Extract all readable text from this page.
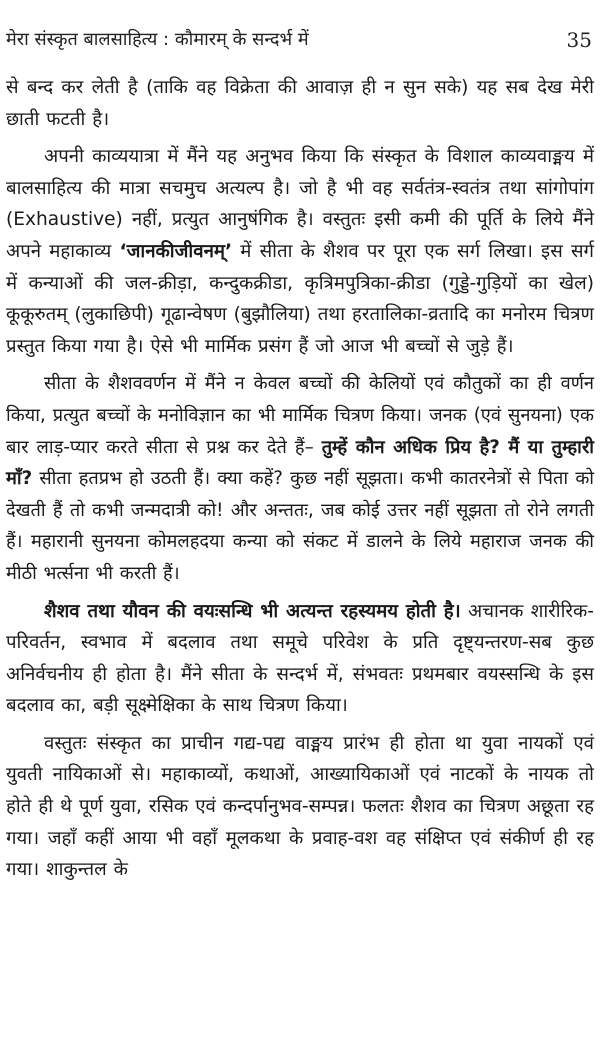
मेरा संस्कृत बालसाहित्य : कौमारम् के सन्दर्भ में	35

से बन्द कर लेती है (ताकि वह विक्रेता की आवाज़ ही न सुन सके) यह सब देख मेरी छाती फटती है।

अपनी काव्ययात्रा में मैंने यह अनुभव किया कि संस्कृत के विशाल काव्यवाङ्मय में बालसाहित्य की मात्रा सचमुच अत्यल्प है। जो है भी वह सर्वतंत्र-स्वतंत्र तथा सांगोपांग (Exhaustive) नहीं, प्रत्युत आनुषंगिक है। वस्तुतः इसी कमी की पूर्ति के लिये मैंने अपने महाकाव्य ‘जानकीजीवनम्’ में सीता के शैशव पर पूरा एक सर्ग लिखा। इस सर्ग में कन्याओं की जल-क्रीड़ा, कन्दुकक्रीडा, कृत्रिमपुत्रिका-क्रीडा (गुड्डे-गुड़ियों का खेल) कूकूरुतम् (लुकाछिपी) गूढान्वेषण (बुझौलिया) तथा हरतालिका-व्रतादि का मनोरम चित्रण प्रस्तुत किया गया है। ऐसे भी मार्मिक प्रसंग हैं जो आज भी बच्चों से जुड़े हैं।

सीता के शैशववर्णन में मैंने न केवल बच्चों की केलियों एवं कौतुकों का ही वर्णन किया, प्रत्युत बच्चों के मनोविज्ञान का भी मार्मिक चित्रण किया। जनक (एवं सुनयना) एक बार लाड़-प्यार करते सीता से प्रश्न कर देते हैं– तुम्हें कौन अधिक प्रिय है? मैं या तुम्हारी माँ? सीता हतप्रभ हो उठती हैं। क्या कहें? कुछ नहीं सूझता। कभी कातरनेत्रों से पिता को देखती हैं तो कभी जन्मदात्री को! और अन्ततः, जब कोई उत्तर नहीं सूझता तो रोने लगती हैं। महारानी सुनयना कोमलहदया कन्या को संकट में डालने के लिये महाराज जनक की मीठी भर्त्सना भी करती हैं।

शैशव तथा यौवन की वयःसन्धि भी अत्यन्त रहस्यमय होती है। अचानक शारीरिक-परिवर्तन, स्वभाव में बदलाव तथा समूचे परिवेश के प्रति दृष्ट्यन्तरण-सब कुछ अनिर्वचनीय ही होता है। मैंने सीता के सन्दर्भ में, संभवतः प्रथमबार वयस्सन्धि के इस बदलाव का, बड़ी सूक्ष्मेक्षिका के साथ चित्रण किया।

वस्तुतः संस्कृत का प्राचीन गद्य-पद्य वाङ्मय प्रारंभ ही होता था युवा नायकों एवं युवती नायिकाओं से। महाकाव्यों, कथाओं, आख्यायिकाओं एवं नाटकों के नायक तो होते ही थे पूर्ण युवा, रसिक एवं कन्दर्पानुभव-सम्पन्न। फलतः शैशव का चित्रण अछूता रह गया। जहाँ कहीं आया भी वहाँ मूलकथा के प्रवाह-वश वह संक्षिप्त एवं संकीर्ण ही रह गया। शाकुन्तल के
